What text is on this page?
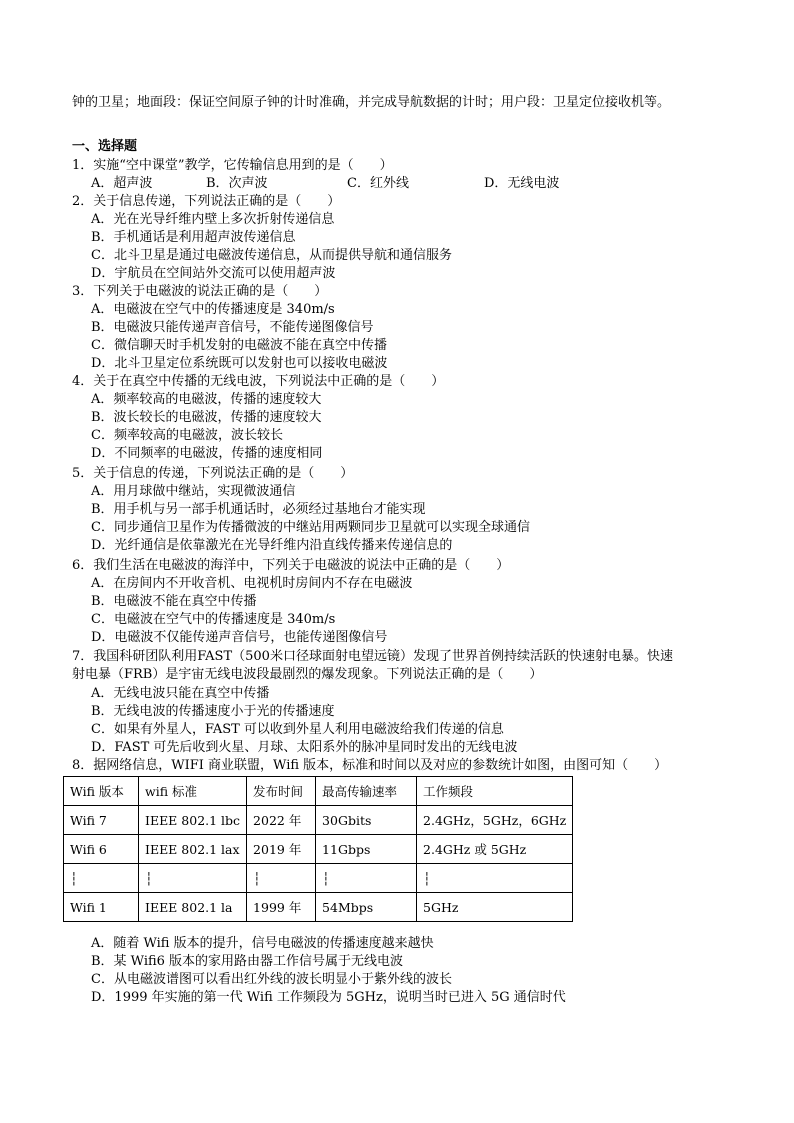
钟的卫星；地面段：保证空间原子钟的计时准确，并完成导航数据的计时；用户段：卫星定位接收机等。
一、选择题
1．实施“空中课堂”教学，它传输信息用到的是（　　）
A．超声波	B．次声波	C．红外线	D．无线电波
2．关于信息传递，下列说法正确的是（　　）
A．光在光导纤维内壁上多次折射传递信息
B．手机通话是利用超声波传递信息
C．北斗卫星是通过电磁波传递信息，从而提供导航和通信服务
D．宇航员在空间站外交流可以使用超声波
3．下列关于电磁波的说法正确的是（　　）
A．电磁波在空气中的传播速度是 340m/s
B．电磁波只能传递声音信号，不能传递图像信号
C．微信聊天时手机发射的电磁波不能在真空中传播
D．北斗卫星定位系统既可以发射也可以接收电磁波
4．关于在真空中传播的无线电波，下列说法中正确的是（　　）
A．频率较高的电磁波，传播的速度较大
B．波长较长的电磁波，传播的速度较大
C．频率较高的电磁波，波长较长
D．不同频率的电磁波，传播的速度相同
5．关于信息的传递，下列说法正确的是（　　）
A．用月球做中继站，实现微波通信
B．用手机与另一部手机通话时，必须经过基地台才能实现
C．同步通信卫星作为传播微波的中继站用两颗同步卫星就可以实现全球通信
D．光纤通信是依靠激光在光导纤维内沿直线传播来传递信息的
6．我们生活在电磁波的海洋中，下列关于电磁波的说法中正确的是（　　）
A．在房间内不开收音机、电视机时房间内不存在电磁波
B．电磁波不能在真空中传播
C．电磁波在空气中的传播速度是 340m/s
D．电磁波不仅能传递声音信号，也能传递图像信号
7．我国科研团队利用FAST（500米口径球面射电望远镜）发现了世界首例持续活跃的快速射电暴。快速
射电暴（FRB）是宇宙无线电波段最剧烈的爆发现象。下列说法正确的是（　　）
A．无线电波只能在真空中传播
B．无线电波的传播速度小于光的传播速度
C．如果有外星人，FAST 可以收到外星人利用电磁波给我们传递的信息
D．FAST 可先后收到火星、月球、太阳系外的脉冲星同时发出的无线电波
8．据网络信息，WIFI 商业联盟，Wifi 版本，标准和时间以及对应的参数统计如图，由图可知（　　）
Wifi 版本	wifi 标准	发布时间	最高传输速率	工作频段
Wifi 7	IEEE 802.1 lbc	2022 年	30Gbits	2.4GHz，5GHz，6GHz
Wifi 6	IEEE 802.1 lax	2019 年	11Gbps	2.4GHz 或 5GHz
┆	┆	┆	┆	┆
Wifi 1	IEEE 802.1 la	1999 年	54Mbps	5GHz
A．随着 Wifi 版本的提升，信号电磁波的传播速度越来越快
B．某 Wifi6 版本的家用路由器工作信号属于无线电波
C．从电磁波谱图可以看出红外线的波长明显小于紫外线的波长
D．1999 年实施的第一代 Wifi 工作频段为 5GHz，说明当时已进入 5G 通信时代
